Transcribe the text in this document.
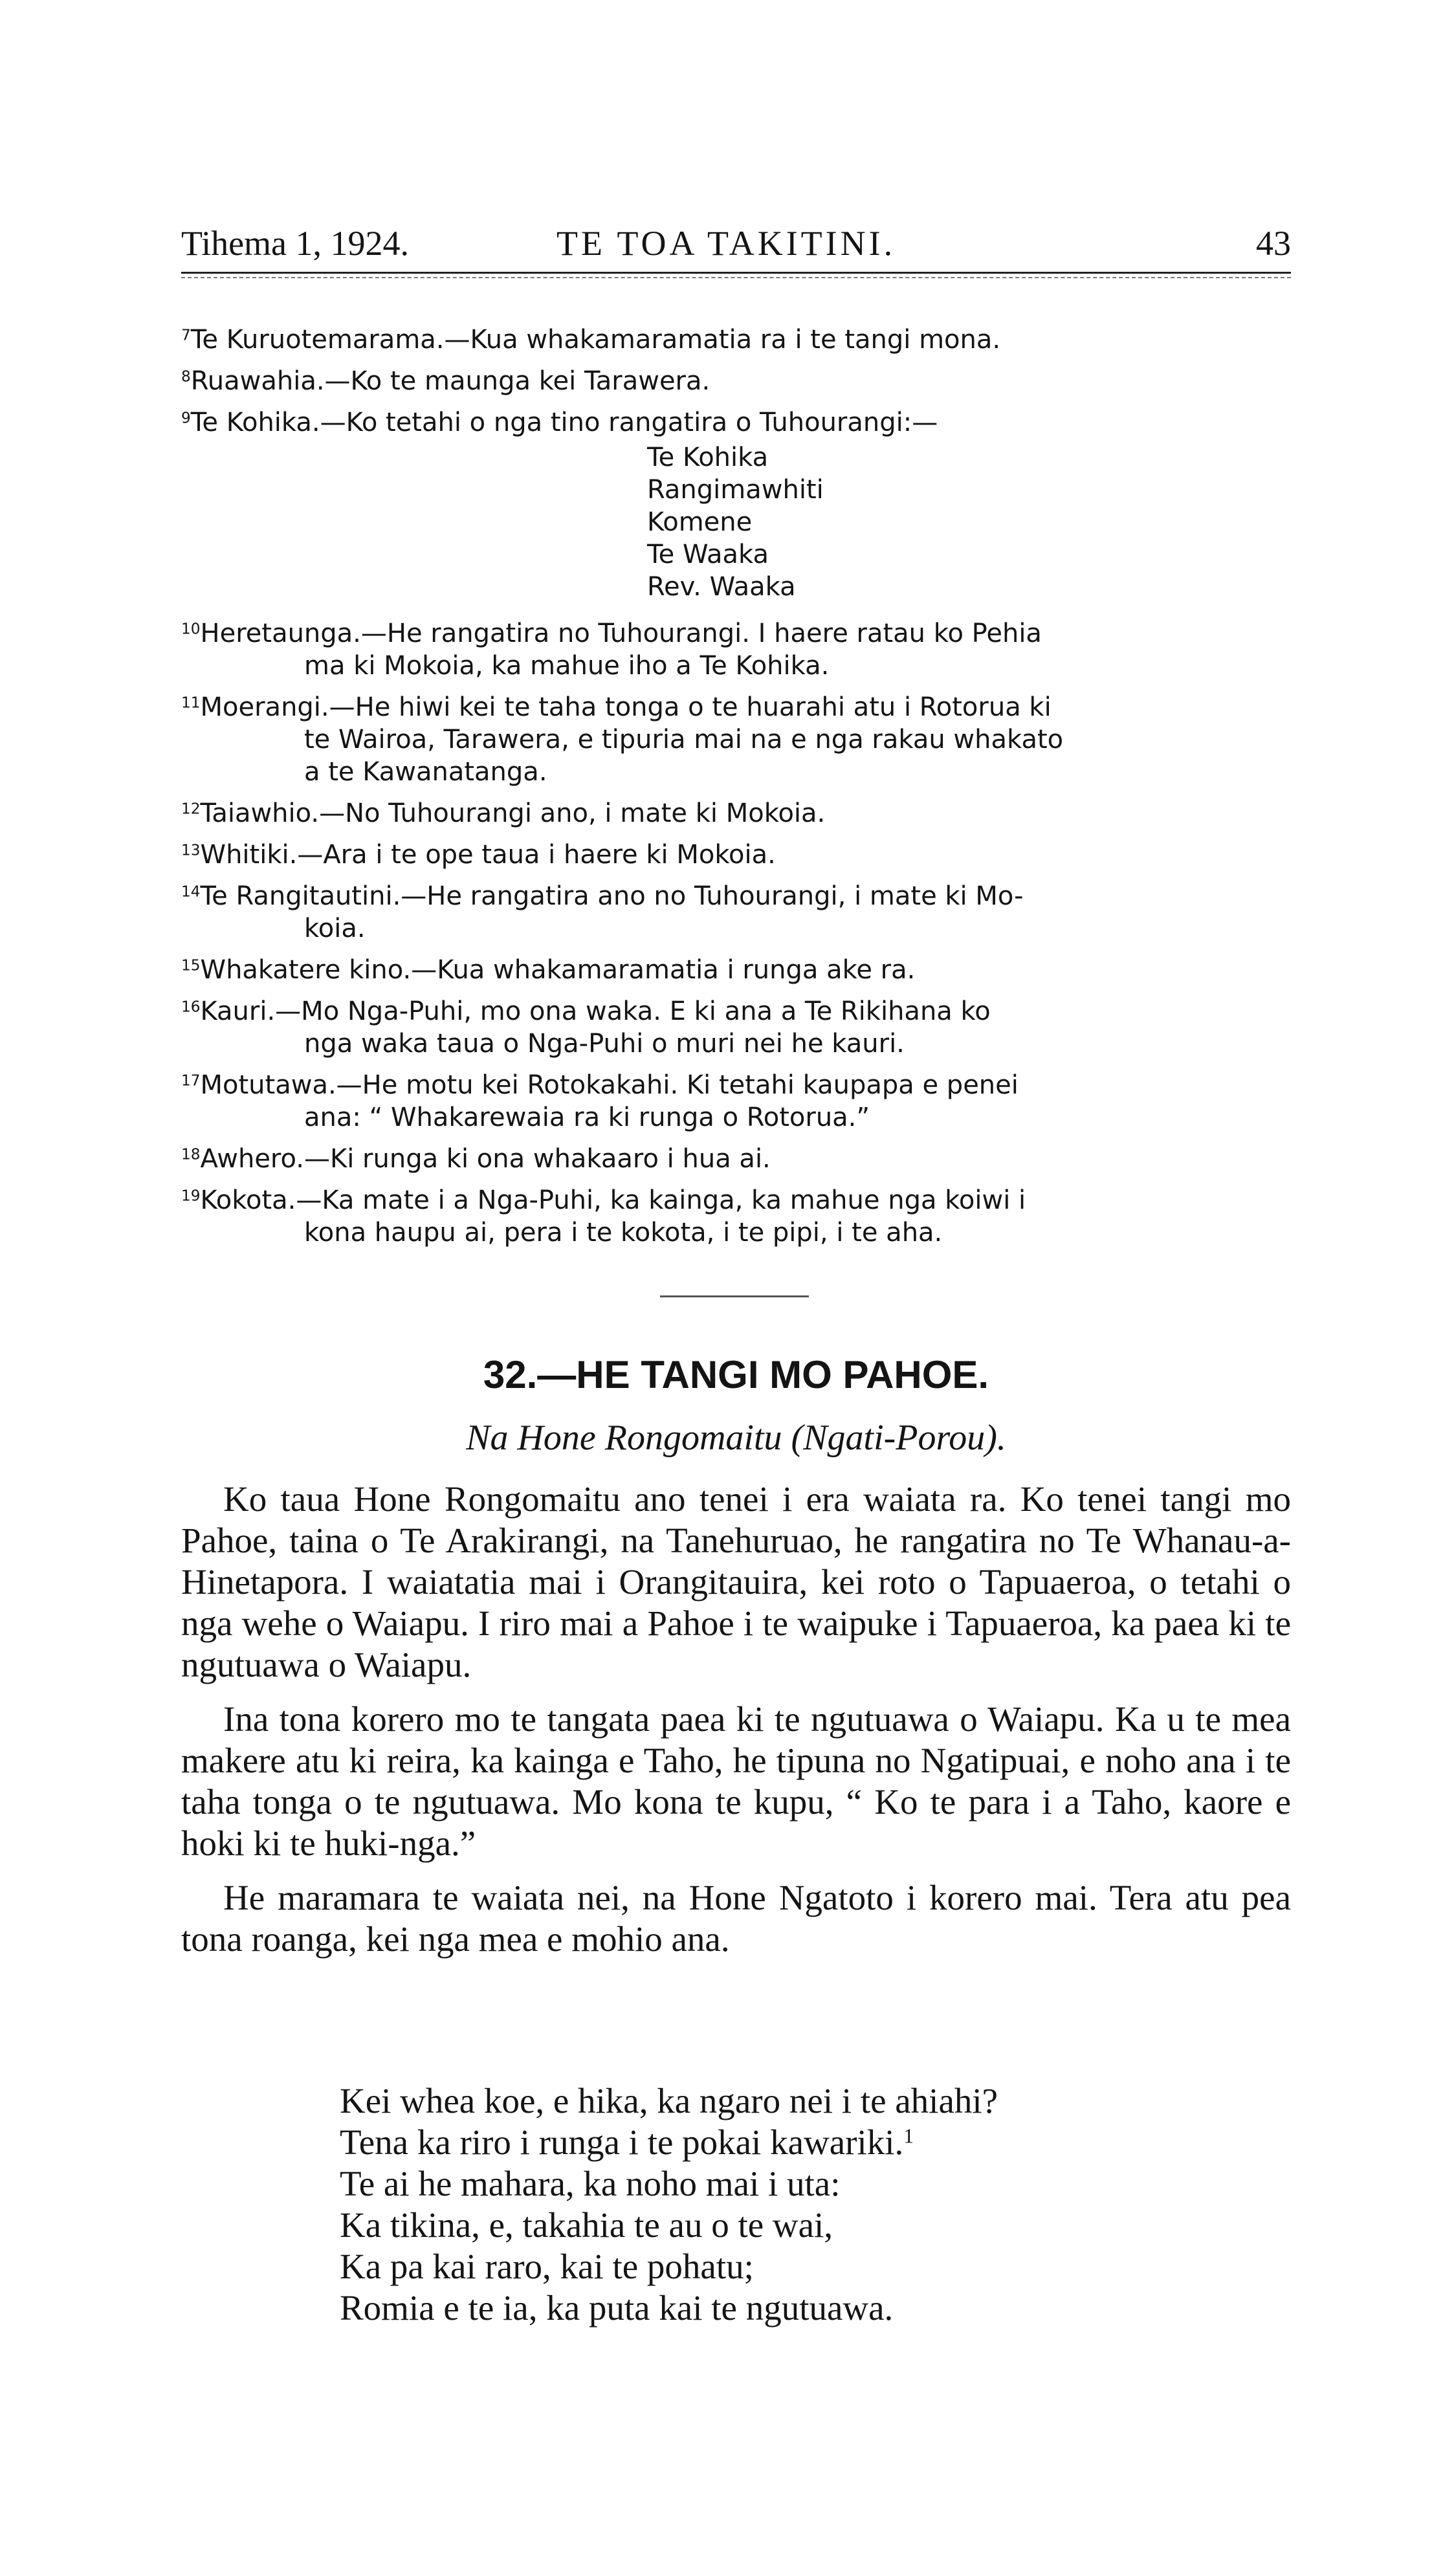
Tihema 1, 1924.	TE TOA TAKITINI.	43

$^7$Te Kuruotemarama.—Kua whakamaramatia ra i te tangi mona.

$^8$Ruawahia.—Ko te maunga kei Tarawera.

$^9$Te Kohika.—Ko tetahi o nga tino rangatira o Tuhourangi:—

Te Kohika
Rangimawhiti
Komene
Te Waaka
Rev. Waaka

$^{10}$Heretaunga.—He rangatira no Tuhourangi. I haere ratau ko Pehia
ma ki Mokoia, ka mahue iho a Te Kohika.

$^{11}$Moerangi.—He hiwi kei te taha tonga o te huarahi atu i Rotorua ki
te Wairoa, Tarawera, e tipuria mai na e nga rakau whakato
a te Kawanatanga.

$^{12}$Taiawhio.—No Tuhourangi ano, i mate ki Mokoia.

$^{13}$Whitiki.—Ara i te ope taua i haere ki Mokoia.

$^{14}$Te Rangitautini.—He rangatira ano no Tuhourangi, i mate ki Mo-
koia.

$^{15}$Whakatere kino.—Kua whakamaramatia i runga ake ra.

$^{16}$Kauri.—Mo Nga-Puhi, mo ona waka. E ki ana a Te Rikihana ko
nga waka taua o Nga-Puhi o muri nei he kauri.

$^{17}$Motutawa.—He motu kei Rotokakahi. Ki tetahi kaupapa e penei
ana: “ Whakarewaia ra ki runga o Rotorua.”

$^{18}$Awhero.—Ki runga ki ona whakaaro i hua ai.

$^{19}$Kokota.—Ka mate i a Nga-Puhi, ka kainga, ka mahue nga koiwi i
kona haupu ai, pera i te kokota, i te pipi, i te aha.

32.—HE TANGI MO PAHOE.
Na Hone Rongomaitu (Ngati-Porou).

Ko taua Hone Rongomaitu ano tenei i era waiata ra. Ko tenei tangi mo Pahoe, taina o Te Arakirangi, na Tanehuruao, he rangatira no Te Whanau-a-Hinetapora. I waiatatia mai i Orangitauira, kei roto o Tapuaeroa, o tetahi o nga wehe o Waiapu. I riro mai a Pahoe i te waipuke i Tapuaeroa, ka paea ki te ngutuawa o Waiapu.

Ina tona korero mo te tangata paea ki te ngutuawa o Waiapu. Ka u te mea makere atu ki reira, ka kainga e Taho, he tipuna no Ngatipuai, e noho ana i te taha tonga o te ngutuawa. Mo kona te kupu, “ Ko te para i a Taho, kaore e hoki ki te huki-nga.”

He maramara te waiata nei, na Hone Ngatoto i korero mai. Tera atu pea tona roanga, kei nga mea e mohio ana.

Kei whea koe, e hika, ka ngaro nei i te ahiahi?
Tena ka riro i runga i te pokai kawariki.$^1$
Te ai he mahara, ka noho mai i uta:
Ka tikina, e, takahia te au o te wai,
Ka pa kai raro, kai te pohatu;
Romia e te ia, ka puta kai te ngutuawa.
